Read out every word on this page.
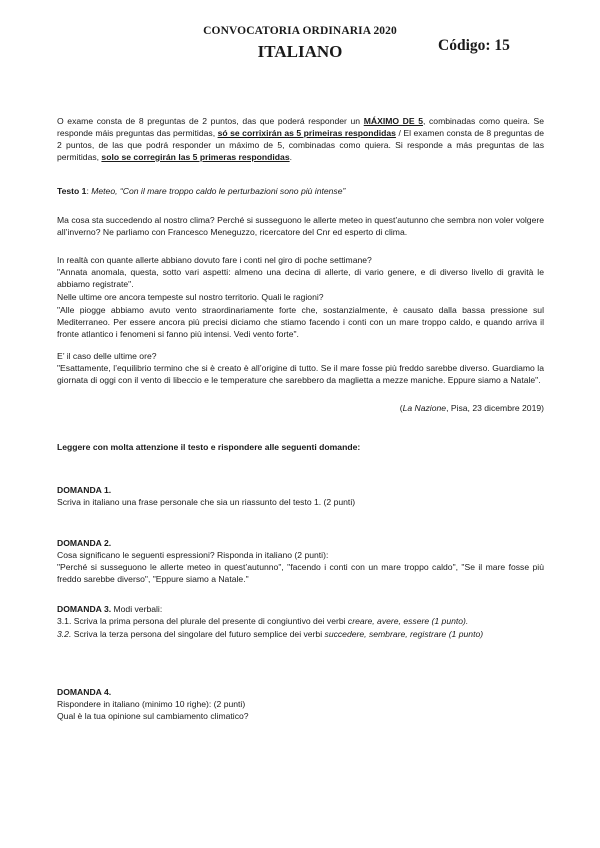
CONVOCATORIA ORDINARIA 2020
ITALIANO	Código: 15
O exame consta de 8 preguntas de 2 puntos, das que poderá responder un MÁXIMO DE 5, combinadas como queira. Se responde máis preguntas das permitidas, só se corrixirán as 5 primeiras respondidas / El examen consta de 8 preguntas de 2 puntos, de las que podrá responder un máximo de 5, combinadas como quiera. Si responde a más preguntas de las permitidas, solo se corregirán las 5 primeras respondidas.
Testo 1: Meteo, “Con il mare troppo caldo le perturbazioni sono più intense”
Ma cosa sta succedendo al nostro clima? Perché si susseguono le allerte meteo in quest’autunno che sembra non voler volgere all’inverno? Ne parliamo con Francesco Meneguzzo, ricercatore del Cnr ed esperto di clima.
In realtà con quante allerte abbiano dovuto fare i conti nel giro di poche settimane?
"Annata anomala, questa, sotto vari aspetti: almeno una decina di allerte, di vario genere, e di diverso livello di gravità le abbiamo registrate".
Nelle ultime ore ancora tempeste sul nostro territorio. Quali le ragioni?
"Alle piogge abbiamo avuto vento straordinariamente forte che, sostanzialmente, è causato dalla bassa pressione sul Mediterraneo. Per essere ancora più precisi diciamo che stiamo facendo i conti con un mare troppo caldo, e quando arriva il fronte atlantico i fenomeni si fanno più intensi. Vedi vento forte".
E’ il caso delle ultime ore?
"Esattamente, l’equilibrio termino che si è creato è all’origine di tutto. Se il mare fosse più freddo sarebbe diverso. Guardiamo la giornata di oggi con il vento di libeccio e le temperature che sarebbero da maglietta a mezze maniche. Eppure siamo a Natale".
(La Nazione, Pisa, 23 dicembre 2019)
Leggere con molta attenzione il testo e rispondere alle seguenti domande:
DOMANDA 1.
Scriva in italiano una frase personale che sia un riassunto del testo 1. (2 punti)
DOMANDA 2.
Cosa significano le seguenti espressioni? Risponda in italiano (2 punti):
"Perché si susseguono le allerte meteo in quest’autunno", "facendo i conti con un mare troppo caldo", "Se il mare fosse più freddo sarebbe diverso", "Eppure siamo a Natale."
DOMANDA 3. Modi verbali:
3.1. Scriva la prima persona del plurale del presente di congiuntivo dei verbi creare, avere, essere (1 punto).
3.2. Scriva la terza persona del singolare del futuro semplice dei verbi succedere, sembrare, registrare (1 punto)
DOMANDA 4.
Rispondere in italiano (minimo 10 righe): (2 punti)
Qual è la tua opinione sul cambiamento climatico?
